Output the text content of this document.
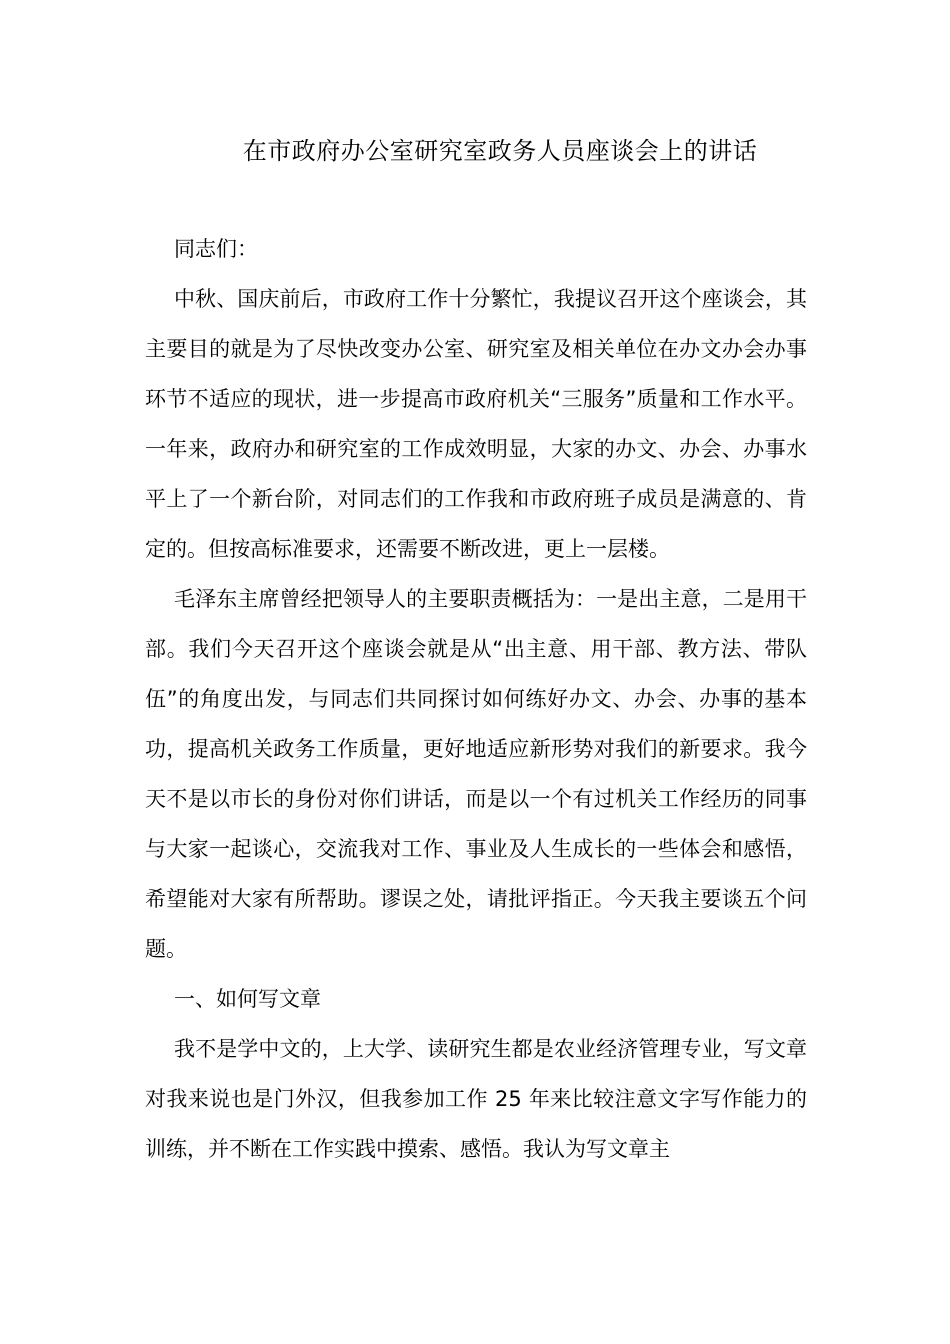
在市政府办公室研究室政务人员座谈会上的讲话

同志们：

中秋、国庆前后，市政府工作十分繁忙，我提议召开这个座谈会，其主要目的就是为了尽快改变办公室、研究室及相关单位在办文办会办事环节不适应的现状，进一步提高市政府机关“三服务”质量和工作水平。一年来，政府办和研究室的工作成效明显，大家的办文、办会、办事水平上了一个新台阶，对同志们的工作我和市政府班子成员是满意的、肯定的。但按高标准要求，还需要不断改进，更上一层楼。

毛泽东主席曾经把领导人的主要职责概括为：一是出主意，二是用干部。我们今天召开这个座谈会就是从“出主意、用干部、教方法、带队伍”的角度出发，与同志们共同探讨如何练好办文、办会、办事的基本功，提高机关政务工作质量，更好地适应新形势对我们的新要求。我今天不是以市长的身份对你们讲话，而是以一个有过机关工作经历的同事与大家一起谈心，交流我对工作、事业及人生成长的一些体会和感悟，希望能对大家有所帮助。谬误之处，请批评指正。今天我主要谈五个问题。

一、如何写文章

我不是学中文的，上大学、读研究生都是农业经济管理专业，写文章对我来说也是门外汉，但我参加工作 25 年来比较注意文字写作能力的训练，并不断在工作实践中摸索、感悟。我认为写文章主
